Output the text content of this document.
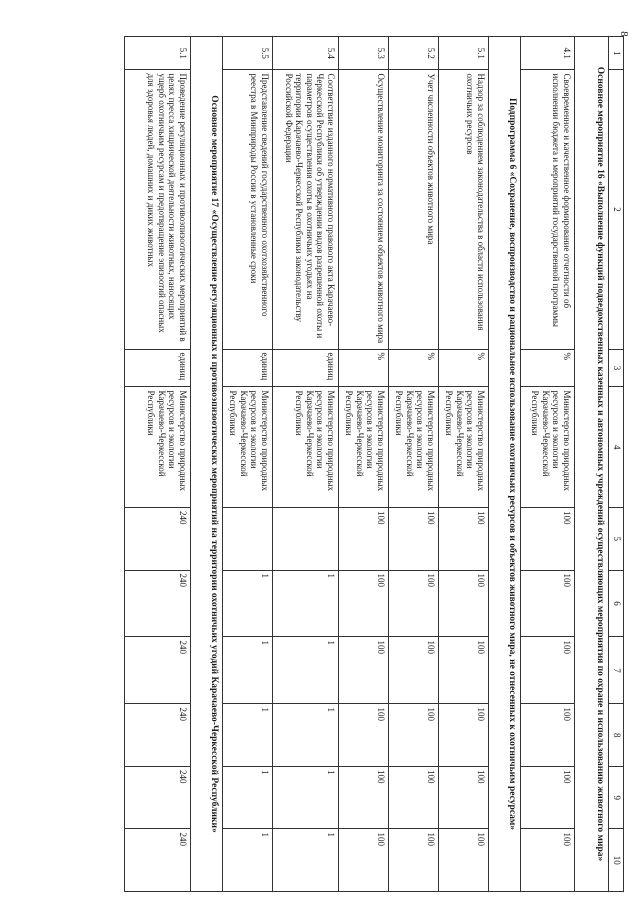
8
1	2	3	4	5	6	7	8	9	10
Основное мероприятие 16 «Выполнение функций подведомственных казенных и автономных учреждений осуществляющих мероприятия по охране и использованию животного мира»									
4.1	Своевременное и качественное формирование отчетности об исполнении бюджета и мероприятий государственной программы	%	Министерство природных ресурсов и экологии Карачаево-Черкесской Республики	100	100	100	100	100	100
Подпрограмма 6 «Сохранение, воспроизводство и рациональное использование охотничьих ресурсов и объектов животного мира, не отнесенных к охотничьим ресурсам»									
5.1	Надзор за соблюдением законодательства в области использования охотничьих ресурсов	%	Министерство природных ресурсов и экологии Карачаево-Черкесской Республики	100	100	100	100	100	100
5.2	Учет численности объектов животного мира	%	Министерство природных ресурсов и экологии Карачаево-Черкесской Республики	100	100	100	100	100	100
5.3	Осуществление мониторинга за состоянием объектов животного мира	%	Министерство природных ресурсов и экологии Карачаево-Черкесской Республики	100	100	100	100	100	100
5.4	Соответствие изданного нормативного правового акта Карачаево-Черкесской Республики об утверждении видов разрешенной охоты и параметров осуществления охоты в охотничьих угодьях на территории Карачаево-Черкесской Республики законодательству Российской Федерации	единиц	Министерство природных ресурсов и экологии Карачаево-Черкесской Республики		1	1	1	1	1
5.5	Представление сведений государственного охотхозяйственного реестра в Минприроды России в установленные сроки	единиц	Министерство природных ресурсов и экологии Карачаево-Черкесской Республики		1	1	1	1	1
Основное мероприятие 17 «Осуществление регуляционных и противоэпизоотических мероприятий на территории охотничьих угодий Карачаево-Черкесской Республики»									
5.1	Проведение регуляционных и противоэпизоотических мероприятий в целях пресса хищнической деятельности животных, наносящих ущерб охотничьим ресурсам и предотвращение эпизоотий опасных для здоровья людей, домашних и диких животных	единиц	Министерство природных ресурсов и экологии Карачаево-Черкесской Республики	240	240	240	240	240	240
